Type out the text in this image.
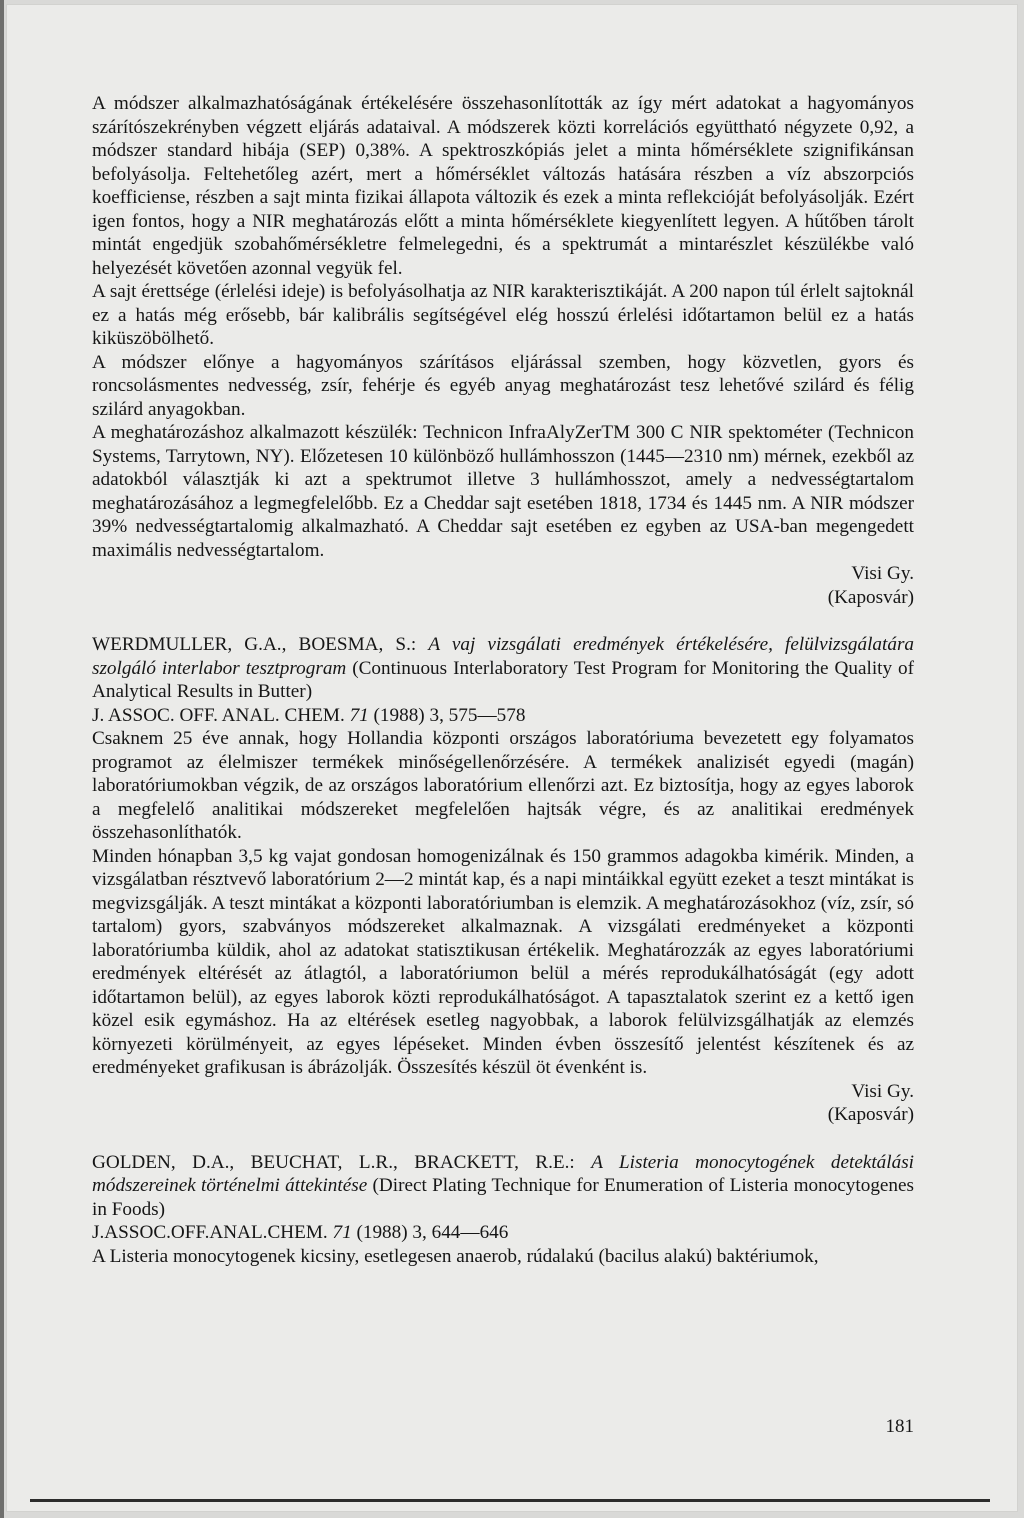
A módszer alkalmazhatóságának értékelésére összehasonlították az így mért adatokat a hagyományos szárítószekrényben végzett eljárás adataival. A módszerek közti korrelációs együttható négyzete 0,92, a módszer standard hibája (SEP) 0,38%. A spektroszkópiás jelet a minta hőmérséklete szignifikánsan befolyásolja. Feltehetőleg azért, mert a hőmérséklet változás hatására részben a víz abszorpciós koefficiense, részben a sajt minta fizikai állapota változik és ezek a minta reflekcióját befolyásolják. Ezért igen fontos, hogy a NIR meghatározás előtt a minta hőmérséklete kiegyenlített legyen. A hűtőben tárolt mintát engedjük szobahőmérsékletre felmelegedni, és a spektrumát a mintarészlet készülékbe való helyezését követően azonnal vegyük fel.

A sajt érettsége (érlelési ideje) is befolyásolhatja az NIR karakterisztikáját. A 200 napon túl érlelt sajtoknál ez a hatás még erősebb, bár kalibrális segítségével elég hosszú érlelési időtartamon belül ez a hatás kiküszöbölhető.

A módszer előnye a hagyományos szárításos eljárással szemben, hogy közvetlen, gyors és roncsolásmentes nedvesség, zsír, fehérje és egyéb anyag meghatározást tesz lehetővé szilárd és félig szilárd anyagokban.

A meghatározáshoz alkalmazott készülék: Technicon InfraAlyZerTM 300 C NIR spektométer (Technicon Systems, Tarrytown, NY). Előzetesen 10 különböző hullámhosszon (1445—2310 nm) mérnek, ezekből az adatokból választják ki azt a spektrumot illetve 3 hullámhosszot, amely a nedvességtartalom meghatározásához a legmegfelelőbb. Ez a Cheddar sajt esetében 1818, 1734 és 1445 nm. A NIR módszer 39% nedvességtartalomig alkalmazható. A Cheddar sajt esetében ez egyben az USA-ban megengedett maximális nedvességtartalom.

Visi Gy.

(Kaposvár)

WERDMULLER, G.A., BOESMA, S.: A vaj vizsgálati eredmények értékelésére, felülvizsgálatára szolgáló interlabor tesztprogram (Continuous Interlaboratory Test Program for Monitoring the Quality of Analytical Results in Butter)

J. ASSOC. OFF. ANAL. CHEM. 71 (1988) 3, 575—578

Csaknem 25 éve annak, hogy Hollandia központi országos laboratóriuma bevezetett egy folyamatos programot az élelmiszer termékek minőségellenőrzésére. A termékek analizisét egyedi (magán) laboratóriumokban végzik, de az országos laboratórium ellenőrzi azt. Ez biztosítja, hogy az egyes laborok a megfelelő analitikai módszereket megfelelően hajtsák végre, és az analitikai eredmények összehasonlíthatók.

Minden hónapban 3,5 kg vajat gondosan homogenizálnak és 150 grammos adagokba kimérik. Minden, a vizsgálatban résztvevő laboratórium 2—2 mintát kap, és a napi mintáikkal együtt ezeket a teszt mintákat is megvizsgálják. A teszt mintákat a központi laboratóriumban is elemzik. A meghatározásokhoz (víz, zsír, só tartalom) gyors, szabványos módszereket alkalmaznak. A vizsgálati eredményeket a központi laboratóriumba küldik, ahol az adatokat statisztikusan értékelik. Meghatározzák az egyes laboratóriumi eredmények eltérését az átlagtól, a laboratóriumon belül a mérés reprodukálhatóságát (egy adott időtartamon belül), az egyes laborok közti reprodukálhatóságot. A tapasztalatok szerint ez a kettő igen közel esik egymáshoz. Ha az eltérések esetleg nagyobbak, a laborok felülvizsgálhatják az elemzés környezeti körülményeit, az egyes lépéseket. Minden évben összesítő jelentést készítenek és az eredményeket grafikusan is ábrázolják. Összesítés készül öt évenként is.

Visi Gy.

(Kaposvár)

GOLDEN, D.A., BEUCHAT, L.R., BRACKETT, R.E.: A Listeria monocytogének detektálási módszereinek történelmi áttekintése (Direct Plating Technique for Enumeration of Listeria monocytogenes in Foods)

J.ASSOC.OFF.ANAL.CHEM. 71 (1988) 3, 644—646

A Listeria monocytogenek kicsiny, esetlegesen anaerob, rúdalakú (bacilus alakú) baktériumok,

181
